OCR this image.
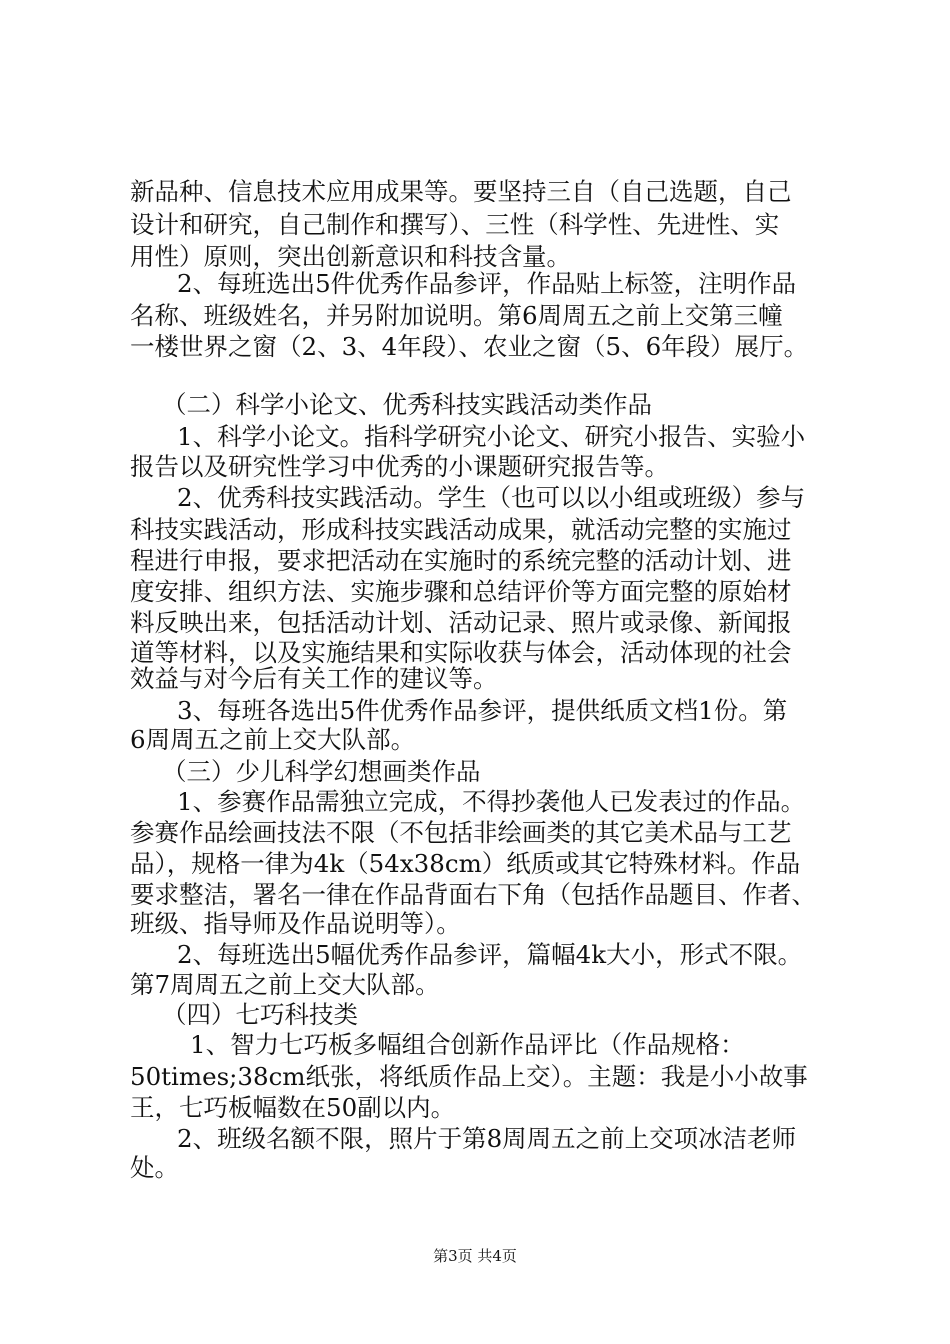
新品种、信息技术应用成果等。要坚持三自（自己选题，自己

设计和研究，自己制作和撰写）、三性（科学性、先进性、实

用性）原则，突出创新意识和科技含量。

2、每班选出5件优秀作品参评，作品贴上标签，注明作品

名称、班级姓名，并另附加说明。第6周周五之前上交第三幢

一楼世界之窗（2、3、4年段）、农业之窗（5、6年段）展厅。

（二）科学小论文、优秀科技实践活动类作品

1、科学小论文。指科学研究小论文、研究小报告、实验小

报告以及研究性学习中优秀的小课题研究报告等。

2、优秀科技实践活动。学生（也可以以小组或班级）参与

科技实践活动，形成科技实践活动成果，就活动完整的实施过

程进行申报，要求把活动在实施时的系统完整的活动计划、进

度安排、组织方法、实施步骤和总结评价等方面完整的原始材

料反映出来，包括活动计划、活动记录、照片或录像、新闻报

道等材料，以及实施结果和实际收获与体会，活动体现的社会

效益与对今后有关工作的建议等。

3、每班各选出5件优秀作品参评，提供纸质文档1份。第

6周周五之前上交大队部。

（三）少儿科学幻想画类作品

1、参赛作品需独立完成，不得抄袭他人已发表过的作品。

参赛作品绘画技法不限（不包括非绘画类的其它美术品与工艺

品），规格一律为4k（54x38cm）纸质或其它特殊材料。作品

要求整洁，署名一律在作品背面右下角（包括作品题目、作者、

班级、指导师及作品说明等）。

2、每班选出5幅优秀作品参评，篇幅4k大小，形式不限。

第7周周五之前上交大队部。

（四）七巧科技类

1、智力七巧板多幅组合创新作品评比（作品规格：

50times;38cm纸张，将纸质作品上交）。主题：我是小小故事

王，七巧板幅数在50副以内。

2、班级名额不限，照片于第8周周五之前上交项冰洁老师

处。

第3页 共4页
